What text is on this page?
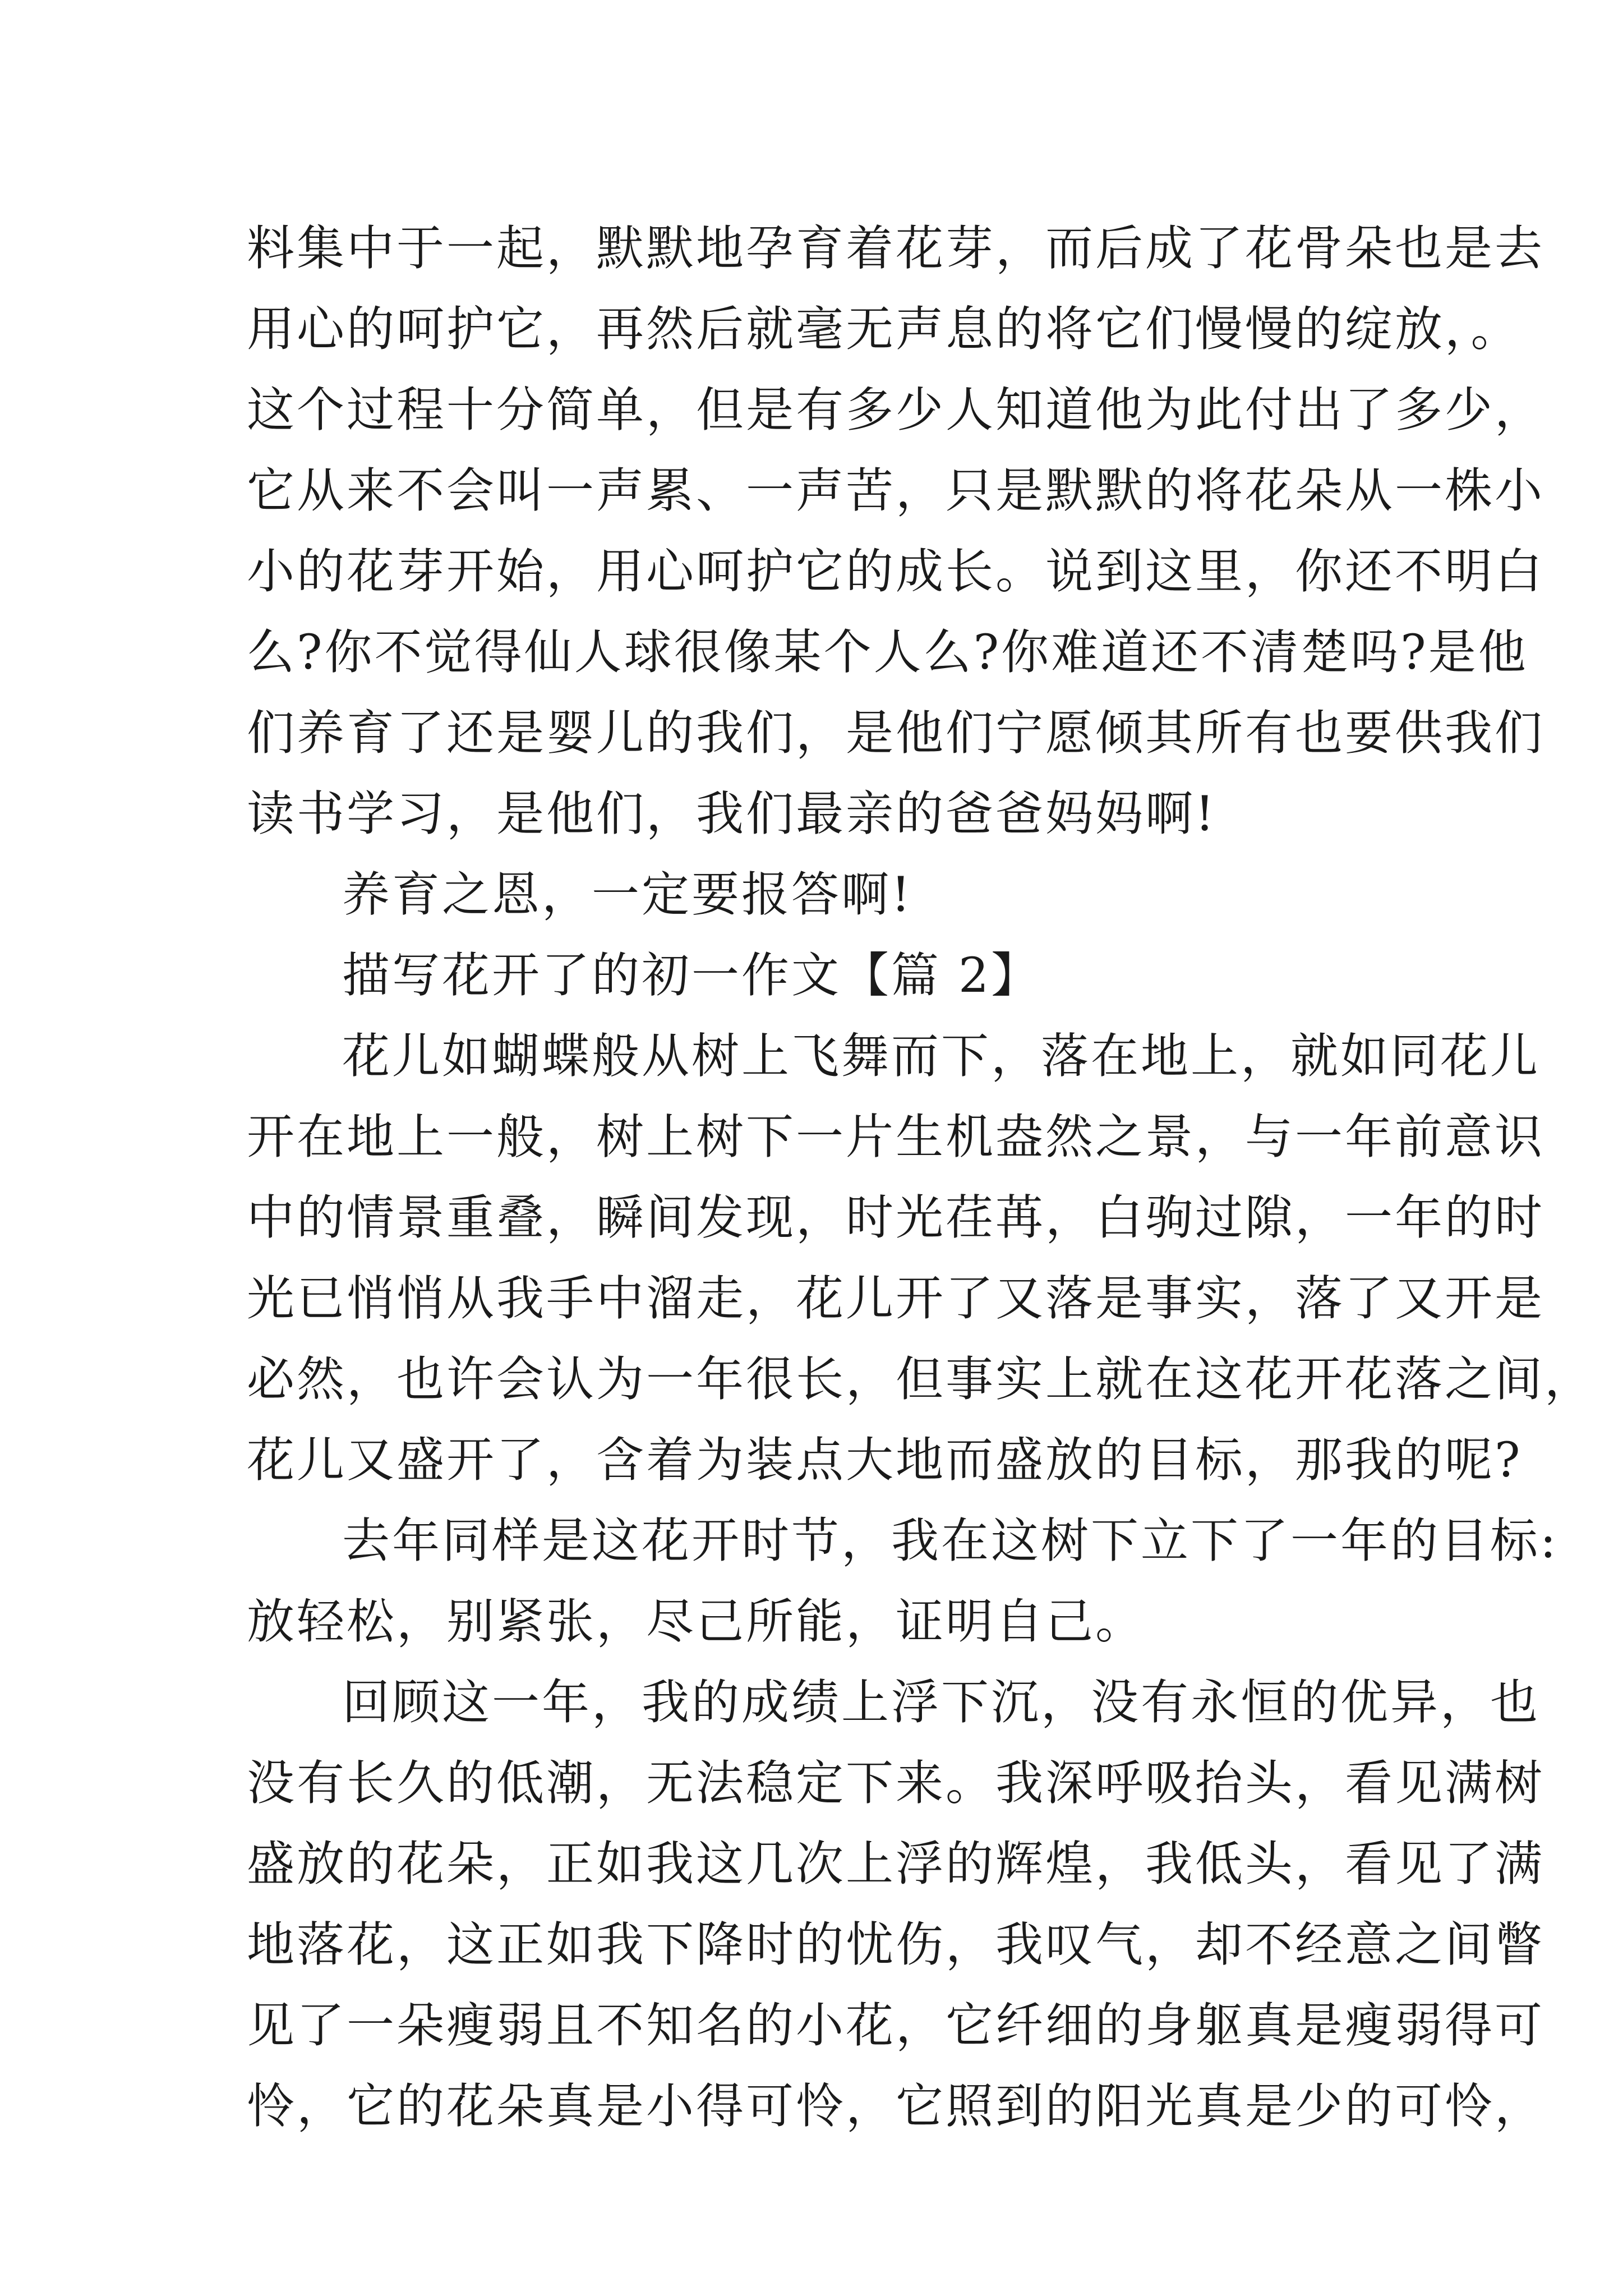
料集中于一起，默默地孕育着花芽，而后成了花骨朵也是去
用心的呵护它，再然后就毫无声息的将它们慢慢的绽放，。
这个过程十分简单，但是有多少人知道他为此付出了多少，
它从来不会叫一声累、一声苦，只是默默的将花朵从一株小
小的花芽开始，用心呵护它的成长。说到这里，你还不明白
么?你不觉得仙人球很像某个人么?你难道还不清楚吗?是他
们养育了还是婴儿的我们，是他们宁愿倾其所有也要供我们
读书学习，是他们，我们最亲的爸爸妈妈啊!
养育之恩，一定要报答啊!
描写花开了的初一作文【篇 2】
花儿如蝴蝶般从树上飞舞而下，落在地上，就如同花儿
开在地上一般，树上树下一片生机盎然之景，与一年前意识
中的情景重叠，瞬间发现，时光荏苒，白驹过隙，一年的时
光已悄悄从我手中溜走，花儿开了又落是事实，落了又开是
必然，也许会认为一年很长，但事实上就在这花开花落之间，
花儿又盛开了，含着为装点大地而盛放的目标，那我的呢?
去年同样是这花开时节，我在这树下立下了一年的目标:
放轻松，别紧张，尽己所能，证明自己。
回顾这一年，我的成绩上浮下沉，没有永恒的优异，也
没有长久的低潮，无法稳定下来。我深呼吸抬头，看见满树
盛放的花朵，正如我这几次上浮的辉煌，我低头，看见了满
地落花，这正如我下降时的忧伤，我叹气，却不经意之间瞥
见了一朵瘦弱且不知名的小花，它纤细的身躯真是瘦弱得可
怜，它的花朵真是小得可怜，它照到的阳光真是少的可怜，
